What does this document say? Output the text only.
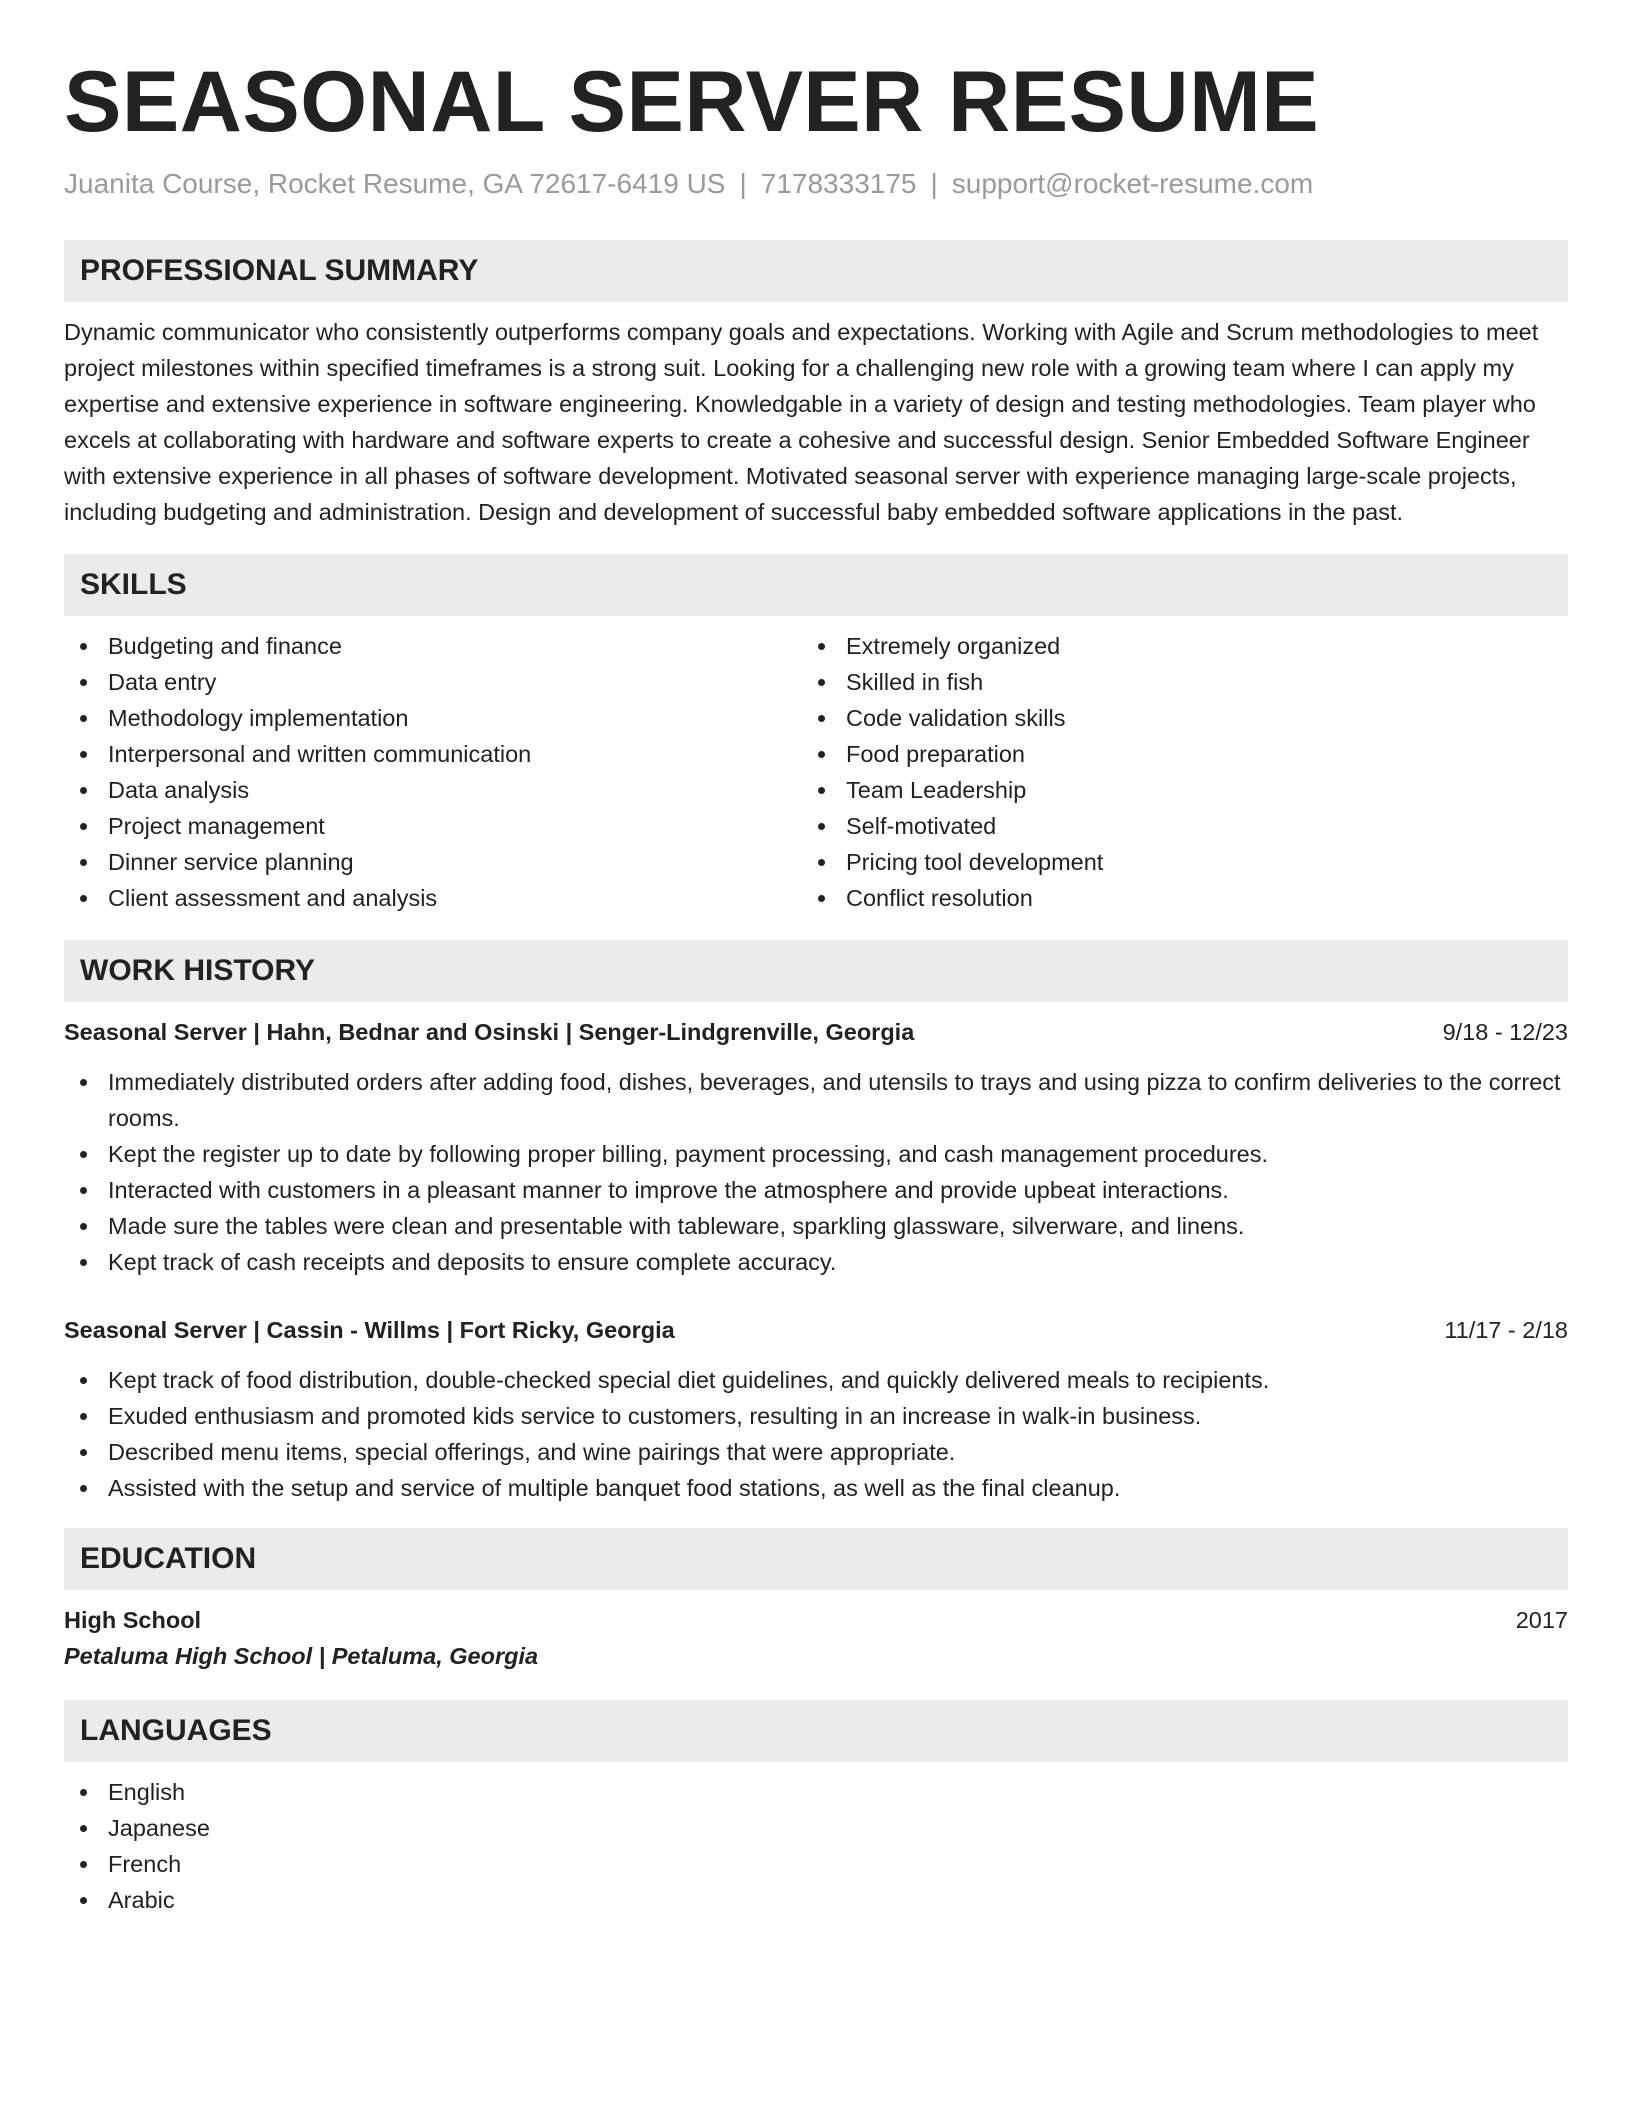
SEASONAL SERVER RESUME
Juanita Course, Rocket Resume, GA 72617-6419 US | 7178333175 | support@rocket-resume.com
PROFESSIONAL SUMMARY

Dynamic communicator who consistently outperforms company goals and expectations. Working with Agile and Scrum methodologies to meet project milestones within specified timeframes is a strong suit. Looking for a challenging new role with a growing team where I can apply my expertise and extensive experience in software engineering. Knowledgable in a variety of design and testing methodologies. Team player who excels at collaborating with hardware and software experts to create a cohesive and successful design. Senior Embedded Software Engineer with extensive experience in all phases of software development. Motivated seasonal server with experience managing large-scale projects, including budgeting and administration. Design and development of successful baby embedded software applications in the past.

SKILLS
Budgeting and finance
Data entry
Methodology implementation
Interpersonal and written communication
Data analysis
Project management
Dinner service planning
Client assessment and analysis
Extremely organized
Skilled in fish
Code validation skills
Food preparation
Team Leadership
Self-motivated
Pricing tool development
Conflict resolution
WORK HISTORY
Seasonal Server | Hahn, Bednar and Osinski | Senger-Lindgrenville, Georgia	9/18 - 12/23
Immediately distributed orders after adding food, dishes, beverages, and utensils to trays and using pizza to confirm deliveries to the correct rooms.
Kept the register up to date by following proper billing, payment processing, and cash management procedures.
Interacted with customers in a pleasant manner to improve the atmosphere and provide upbeat interactions.
Made sure the tables were clean and presentable with tableware, sparkling glassware, silverware, and linens.
Kept track of cash receipts and deposits to ensure complete accuracy.
Seasonal Server | Cassin - Willms | Fort Ricky, Georgia	11/17 - 2/18
Kept track of food distribution, double-checked special diet guidelines, and quickly delivered meals to recipients.
Exuded enthusiasm and promoted kids service to customers, resulting in an increase in walk-in business.
Described menu items, special offerings, and wine pairings that were appropriate.
Assisted with the setup and service of multiple banquet food stations, as well as the final cleanup.
EDUCATION
High School	2017
Petaluma High School | Petaluma, Georgia
LANGUAGES
English
Japanese
French
Arabic
